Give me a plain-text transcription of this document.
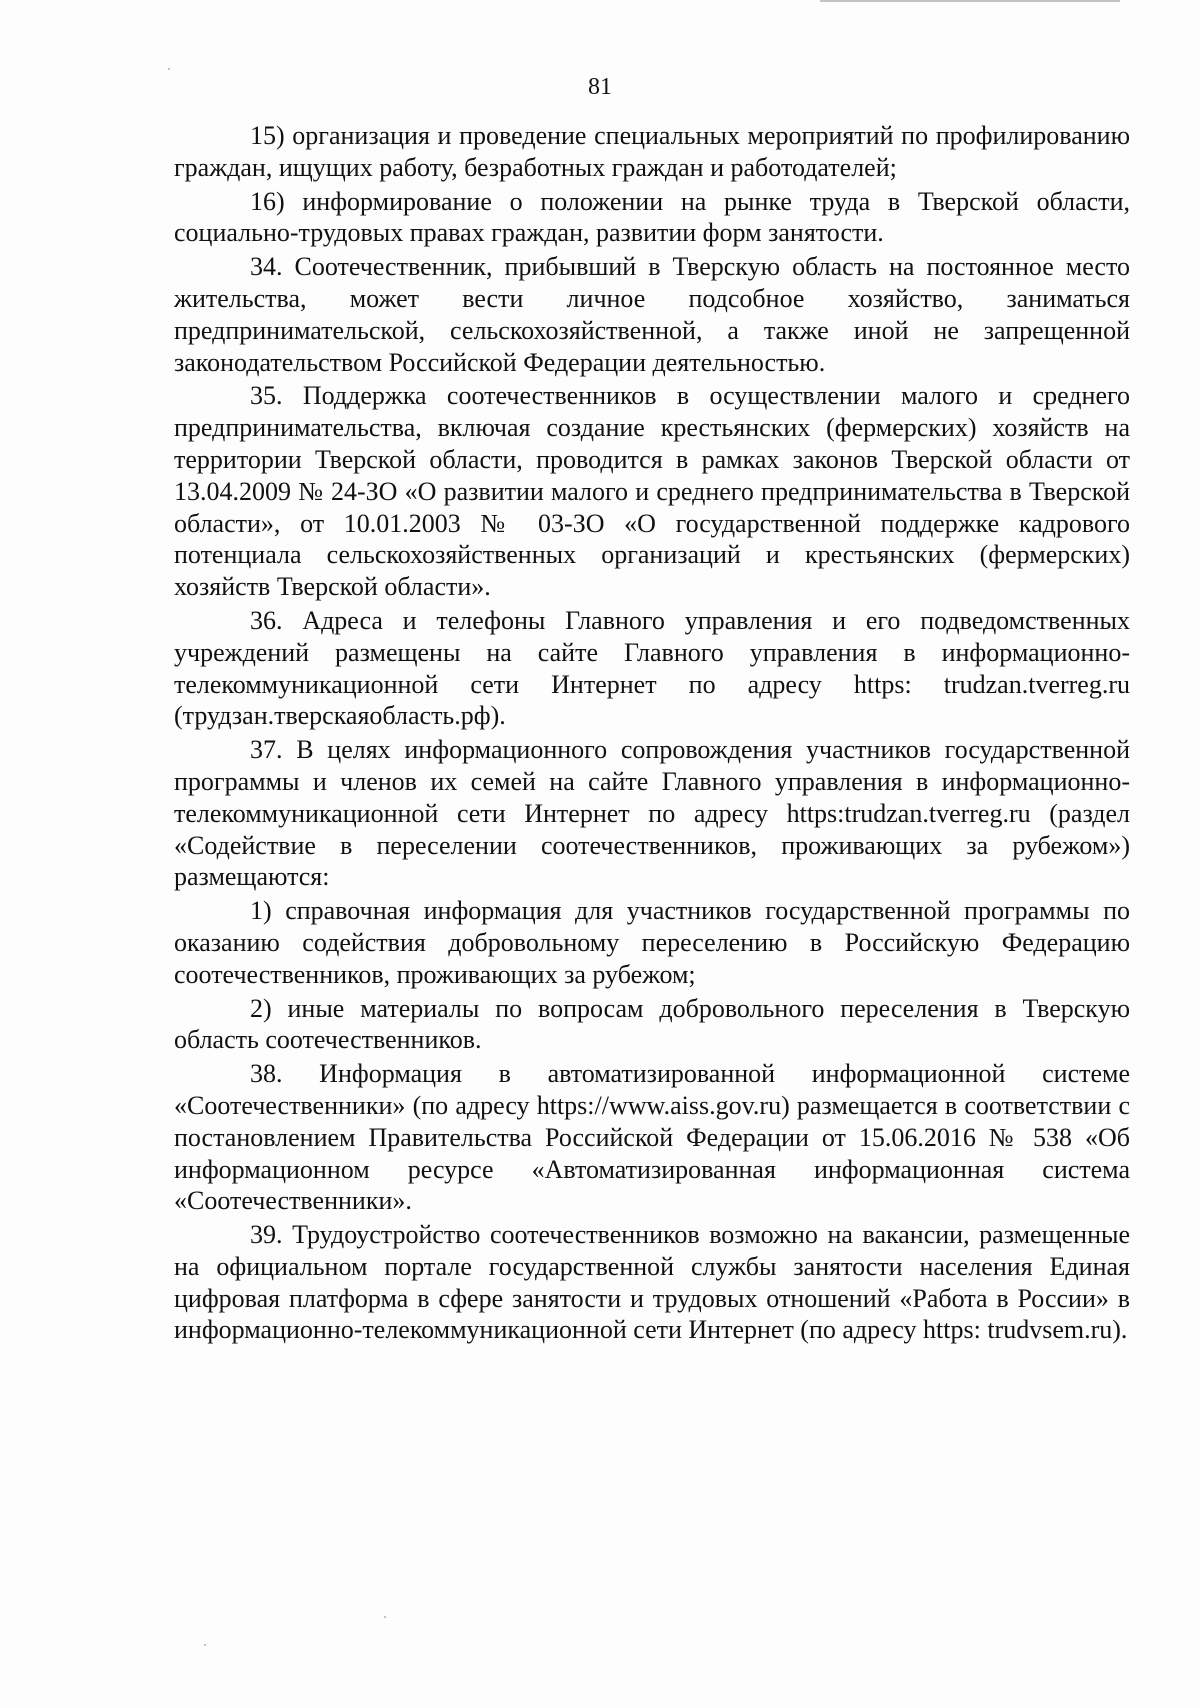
81

15) организация и проведение специальных мероприятий по профилированию граждан, ищущих работу, безработных граждан и работодателей;

16) информирование о положении на рынке труда в Тверской области, социально-трудовых правах граждан, развитии форм занятости.

34. Соотечественник, прибывший в Тверскую область на постоянное место жительства, может вести личное подсобное хозяйство, заниматься предпринимательской, сельскохозяйственной, а также иной не запрещенной законодательством Российской Федерации деятельностью.

35. Поддержка соотечественников в осуществлении малого и среднего предпринимательства, включая создание крестьянских (фермерских) хозяйств на территории Тверской области, проводится в рамках законов Тверской области от 13.04.2009 № 24-ЗО «О развитии малого и среднего предпринимательства в Тверской области», от 10.01.2003 № 03-ЗО «О государственной поддержке кадрового потенциала сельскохозяйственных организаций и крестьянских (фермерских) хозяйств Тверской области».

36. Адреса и телефоны Главного управления и его подведомственных учреждений размещены на сайте Главного управления в информационно-телекоммуникационной сети Интернет по адресу https: trudzan.tverreg.ru (трудзан.тверскаяобласть.рф).

37. В целях информационного сопровождения участников государственной программы и членов их семей на сайте Главного управления в информационно-телекоммуникационной сети Интернет по адресу https:trudzan.tverreg.ru (раздел «Содействие в переселении соотечественников, проживающих за рубежом») размещаются:

1) справочная информация для участников государственной программы по оказанию содействия добровольному переселению в Российскую Федерацию соотечественников, проживающих за рубежом;

2) иные материалы по вопросам добровольного переселения в Тверскую область соотечественников.

38. Информация в автоматизированной информационной системе «Соотечественники» (по адресу https://www.aiss.gov.ru) размещается в соответствии с постановлением Правительства Российской Федерации от 15.06.2016 № 538 «Об информационном ресурсе «Автоматизированная информационная система «Соотечественники».

39. Трудоустройство соотечественников возможно на вакансии, размещенные на официальном портале государственной службы занятости населения Единая цифровая платформа в сфере занятости и трудовых отношений «Работа в России» в информационно-телекоммуникационной сети Интернет (по адресу https: trudvsem.ru).
